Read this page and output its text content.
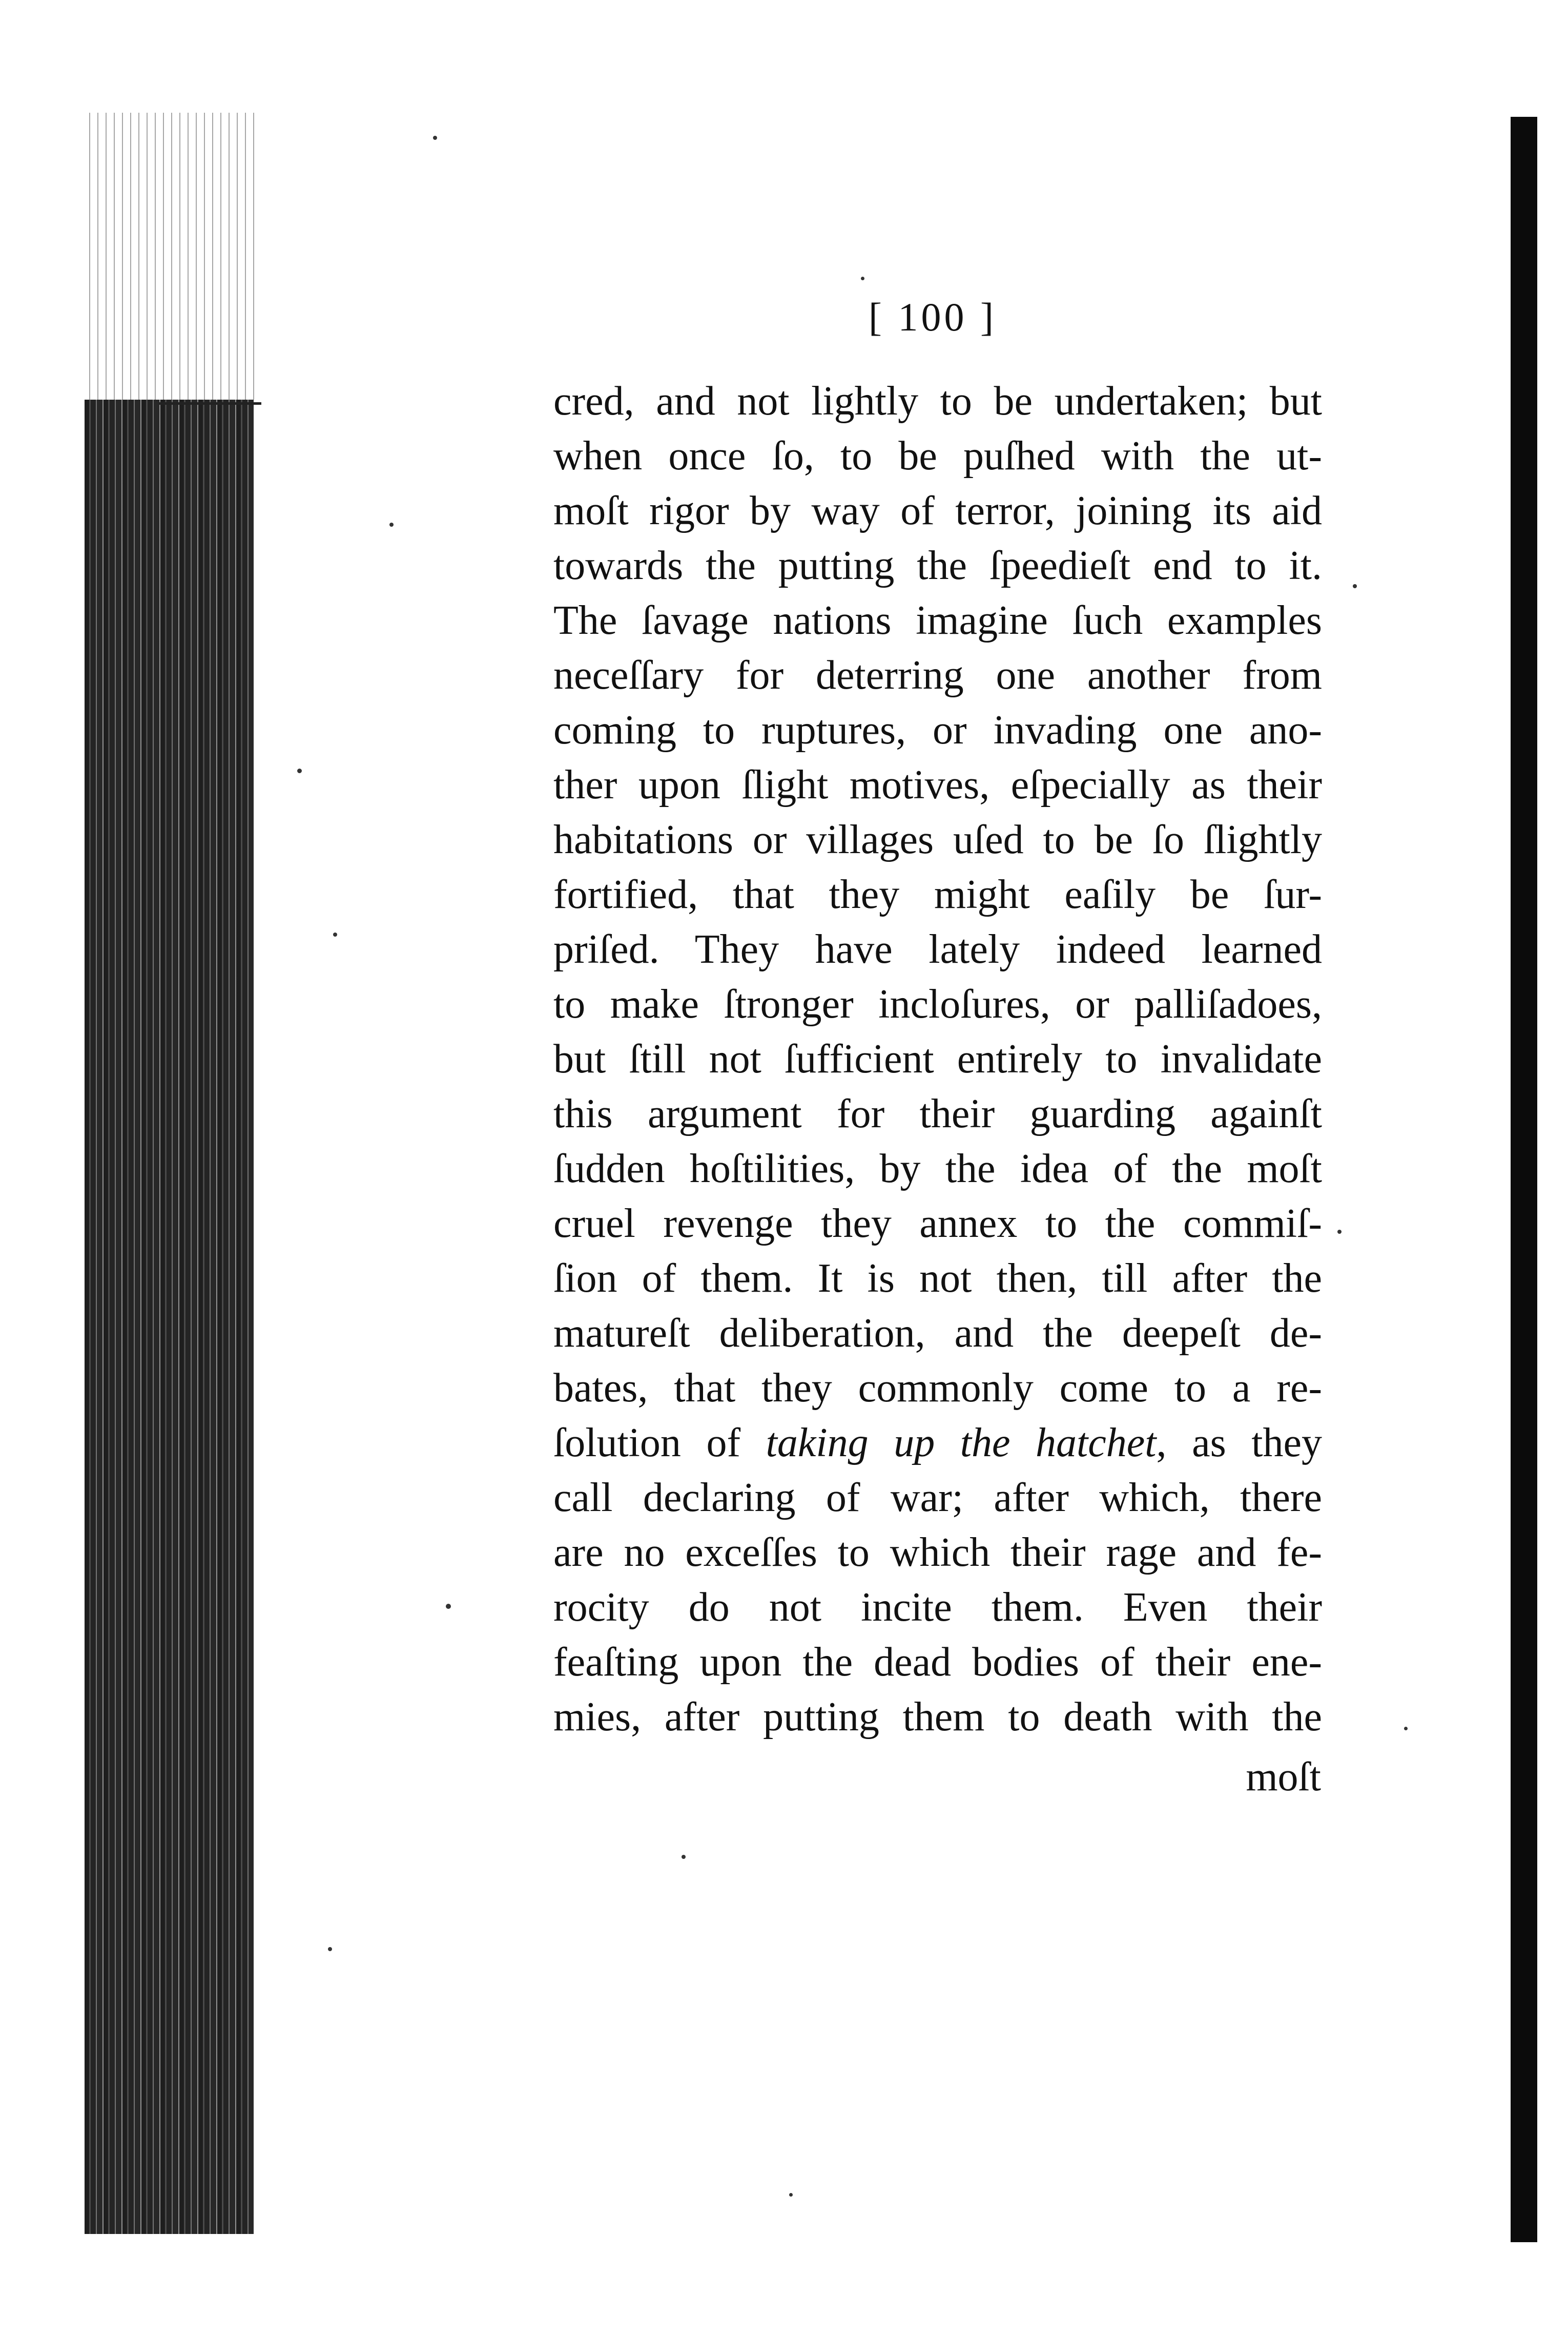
[ 100 ]
cred, and not lightly to be undertaken; but
when once ſo, to be puſhed with the ut-
moſt rigor by way of terror, joining its aid
towards the putting the ſpeedieſt end to it.
The ſavage nations imagine ſuch examples
neceſſary for deterring one another from
coming to ruptures, or invading one ano-
ther upon ſlight motives, eſpecially as their
habitations or villages uſed to be ſo ſlightly
fortified, that they might eaſily be ſur-
priſed. They have lately indeed learned
to make ſtronger incloſures, or palliſadoes,
but ſtill not ſufficient entirely to invalidate
this argument for their guarding againſt
ſudden hoſtilities, by the idea of the moſt
cruel revenge they annex to the commiſ-
ſion of them. It is not then, till after the
matureſt deliberation, and the deepeſt de-
bates, that they commonly come to a re-
ſolution of taking up the hatchet, as they
call declaring of war; after which, there
are no exceſſes to which their rage and fe-
rocity do not incite them. Even their
feaſting upon the dead bodies of their ene-
mies, after putting them to death with the
moſt
